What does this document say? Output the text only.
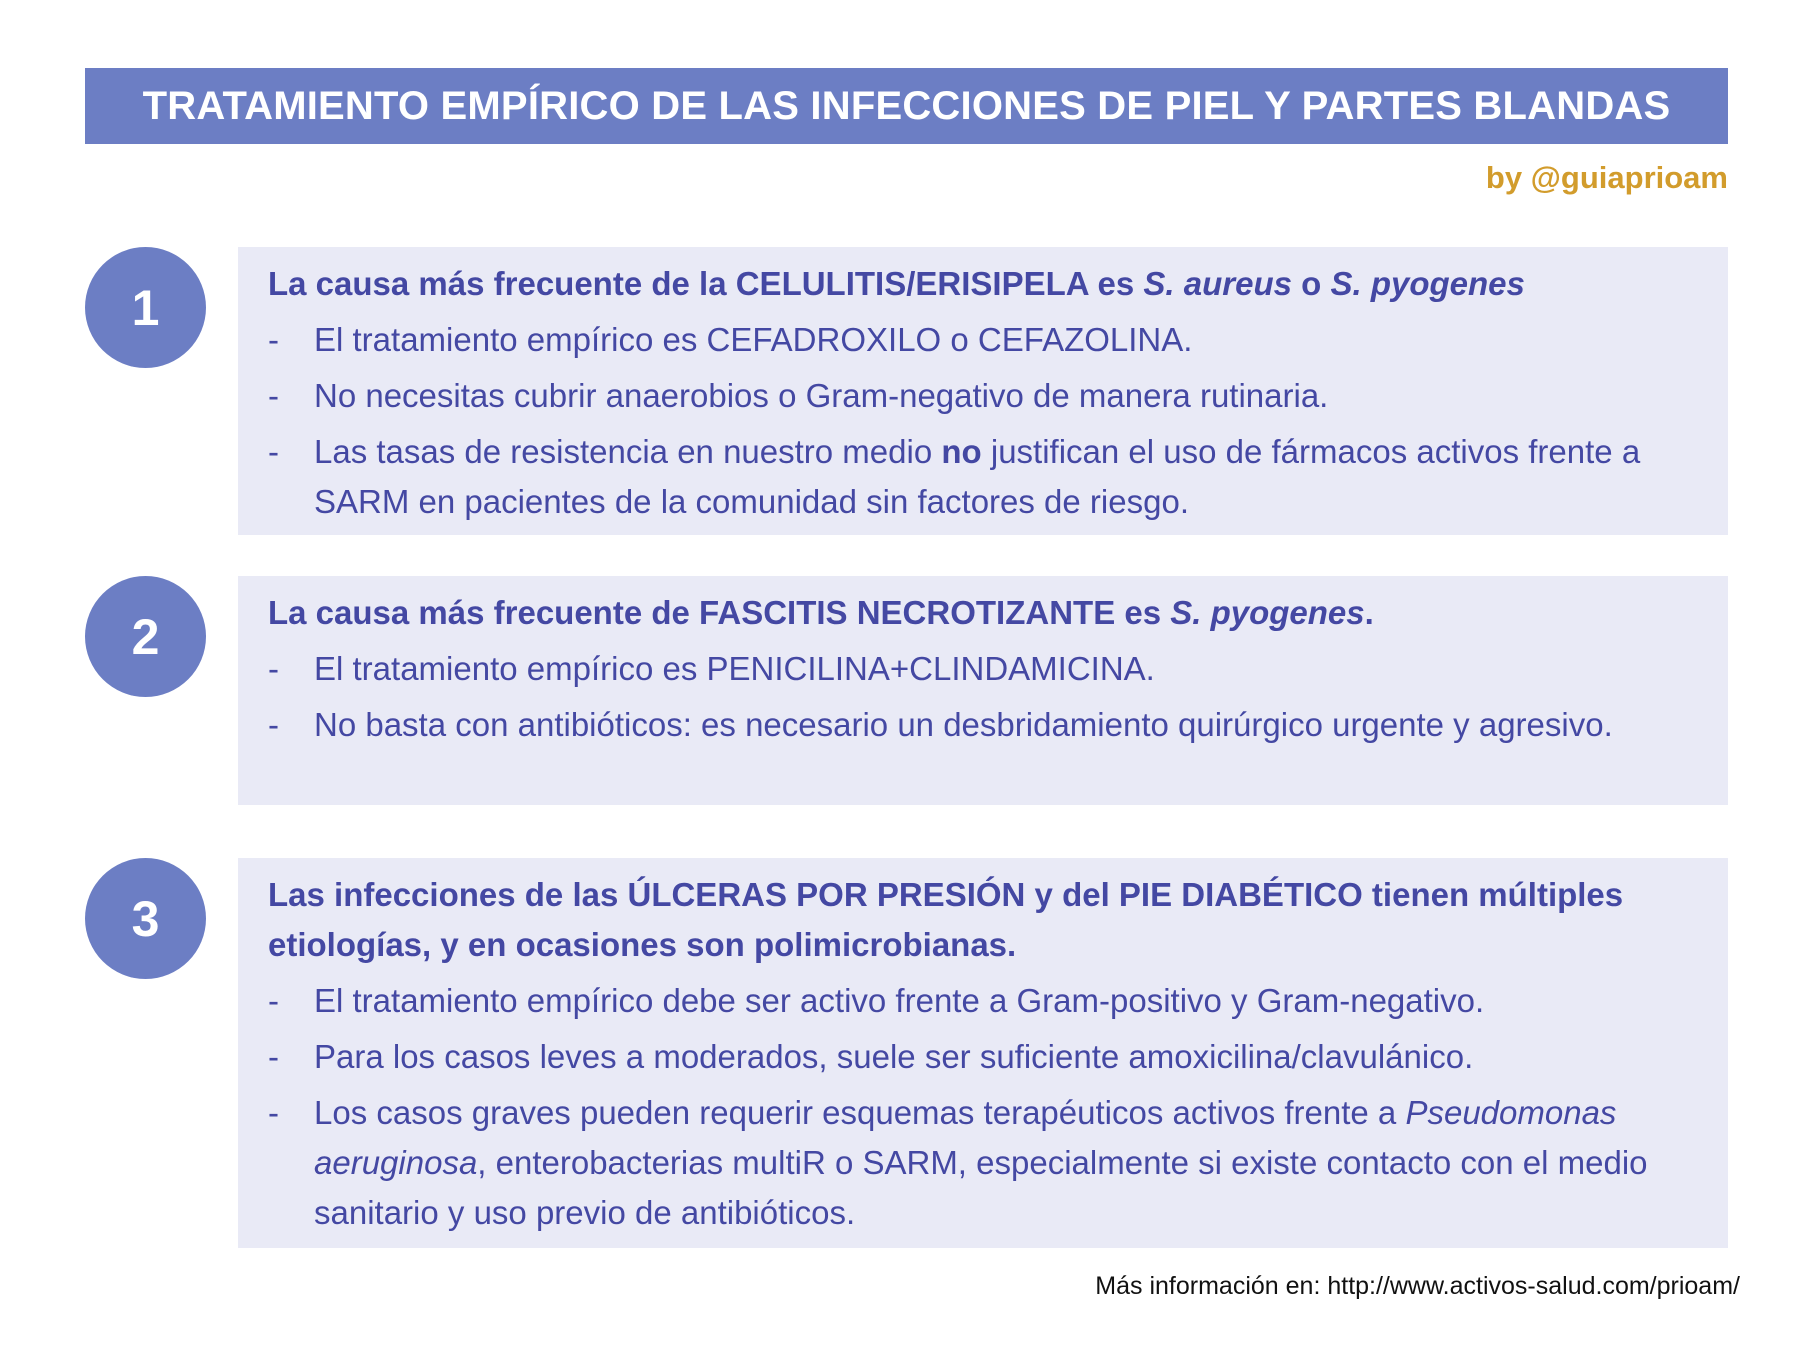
TRATAMIENTO EMPÍRICO DE LAS INFECCIONES DE PIEL Y PARTES BLANDAS
by @guiaprioam
1	La causa más frecuente de la CELULITIS/ERISIPELA es S. aureus o S. pyogenes
-	El tratamiento empírico es CEFADROXILO o CEFAZOLINA.
-	No necesitas cubrir anaerobios o Gram-negativo de manera rutinaria.
-	Las tasas de resistencia en nuestro medio no justifican el uso de fármacos activos frente a SARM en pacientes de la comunidad sin factores de riesgo.
2	La causa más frecuente de FASCITIS NECROTIZANTE es S. pyogenes.
-	El tratamiento empírico es PENICILINA+CLINDAMICINA.
-	No basta con antibióticos: es necesario un desbridamiento quirúrgico urgente y agresivo.
3	Las infecciones de las ÚLCERAS POR PRESIÓN y del PIE DIABÉTICO tienen múltiples etiologías, y en ocasiones son polimicrobianas.
-	El tratamiento empírico debe ser activo frente a Gram-positivo y Gram-negativo.
-	Para los casos leves a moderados, suele ser suficiente amoxicilina/clavulánico.
-	Los casos graves pueden requerir esquemas terapéuticos activos frente a Pseudomonas aeruginosa, enterobacterias multiR o SARM, especialmente si existe contacto con el medio sanitario y uso previo de antibióticos.
Más información en: http://www.activos-salud.com/prioam/
